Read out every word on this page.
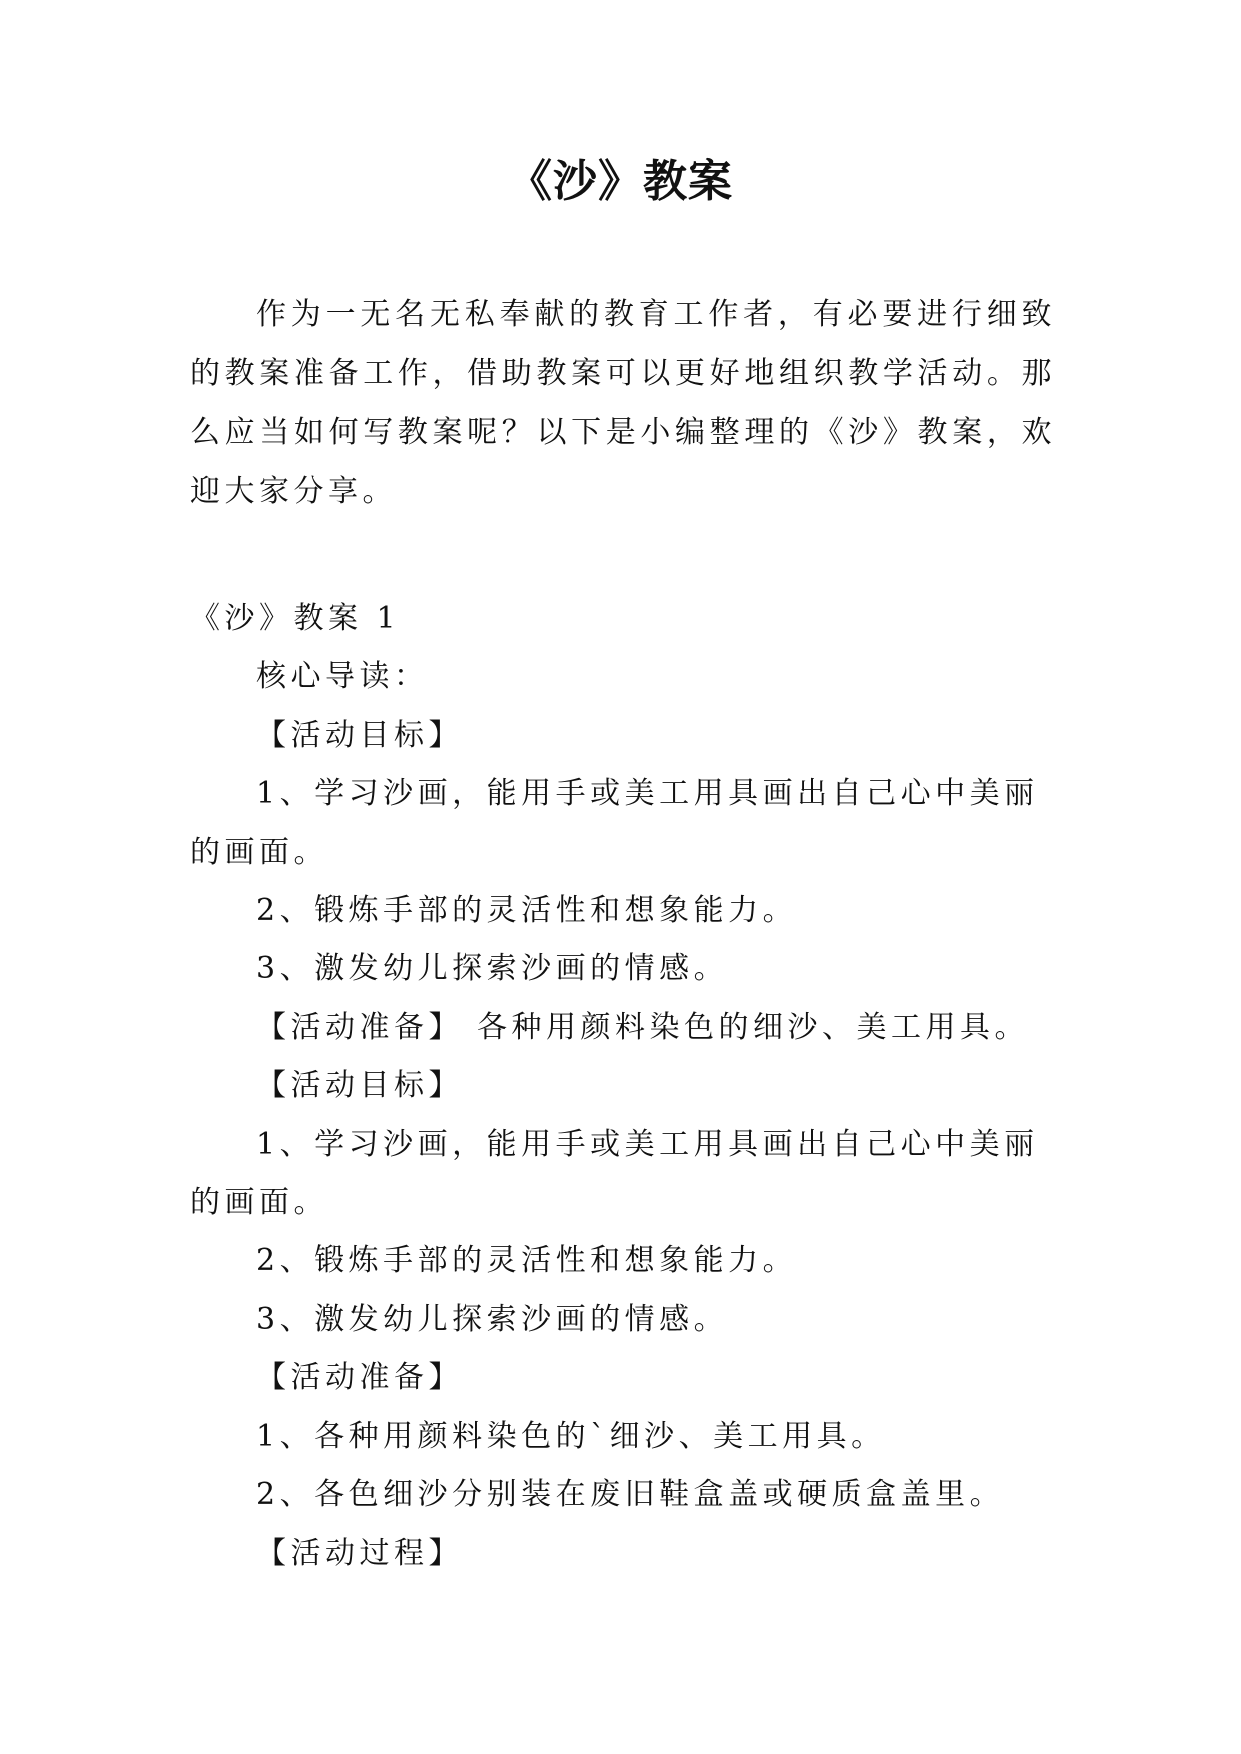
《沙》教案

作为一无名无私奉献的教育工作者，有必要进行细致的教案准备工作，借助教案可以更好地组织教学活动。那么应当如何写教案呢？以下是小编整理的《沙》教案，欢迎大家分享。

《沙》教案 1

核心导读：

【活动目标】

1、学习沙画，能用手或美工用具画出自己心中美丽的画面。

2、锻炼手部的灵活性和想象能力。

3、激发幼儿探索沙画的情感。

【活动准备】 各种用颜料染色的细沙、美工用具。

【活动目标】

1、学习沙画，能用手或美工用具画出自己心中美丽的画面。

2、锻炼手部的灵活性和想象能力。

3、激发幼儿探索沙画的情感。

【活动准备】

1、各种用颜料染色的`细沙、美工用具。

2、各色细沙分别装在废旧鞋盒盖或硬质盒盖里。

【活动过程】
